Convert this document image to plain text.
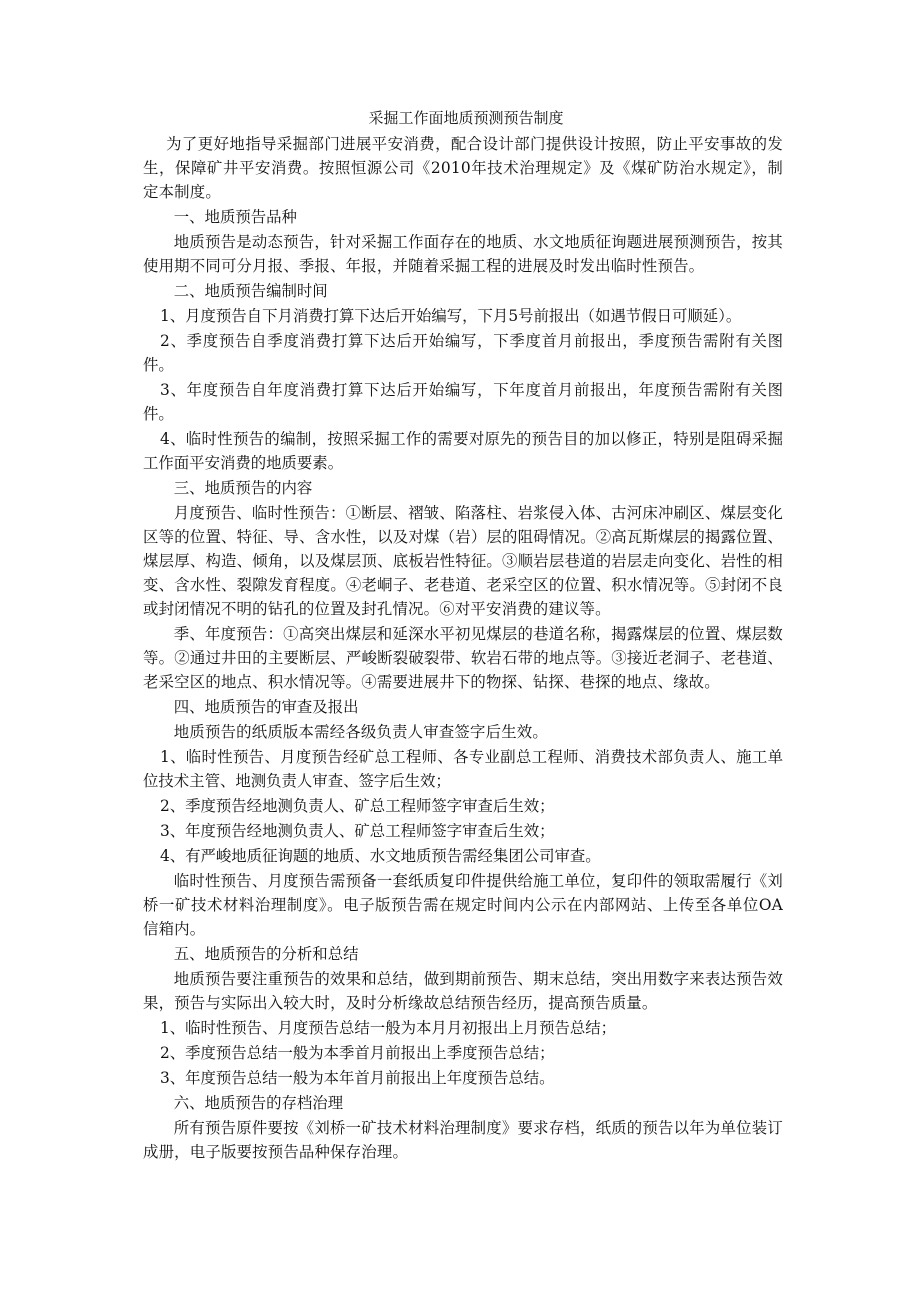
采掘工作面地质预测预告制度

为了更好地指导采掘部门进展平安消费，配合设计部门提供设计按照，防止平安事故的发生，保障矿井平安消费。按照恒源公司《2010年技术治理规定》及《煤矿防治水规定》，制定本制度。

一、地质预告品种

地质预告是动态预告，针对采掘工作面存在的地质、水文地质征询题进展预测预告，按其使用期不同可分月报、季报、年报，并随着采掘工程的进展及时发出临时性预告。

二、地质预告编制时间

1、月度预告自下月消费打算下达后开始编写，下月5号前报出（如遇节假日可顺延）。

2、季度预告自季度消费打算下达后开始编写，下季度首月前报出，季度预告需附有关图件。

3、年度预告自年度消费打算下达后开始编写，下年度首月前报出，年度预告需附有关图件。

4、临时性预告的编制，按照采掘工作的需要对原先的预告目的加以修正，特别是阻碍采掘工作面平安消费的地质要素。

三、地质预告的内容

月度预告、临时性预告：①断层、褶皱、陷落柱、岩浆侵入体、古河床冲刷区、煤层变化区等的位置、特征、导、含水性，以及对煤（岩）层的阻碍情况。②高瓦斯煤层的揭露位置、煤层厚、构造、倾角，以及煤层顶、底板岩性特征。③顺岩层巷道的岩层走向变化、岩性的相变、含水性、裂隙发育程度。④老峒子、老巷道、老采空区的位置、积水情况等。⑤封闭不良或封闭情况不明的钻孔的位置及封孔情况。⑥对平安消费的建议等。

季、年度预告：①高突出煤层和延深水平初见煤层的巷道名称，揭露煤层的位置、煤层数等。②通过井田的主要断层、严峻断裂破裂带、软岩石带的地点等。③接近老洞子、老巷道、老采空区的地点、积水情况等。④需要进展井下的物探、钻探、巷探的地点、缘故。

四、地质预告的审查及报出

地质预告的纸质版本需经各级负责人审查签字后生效。

1、临时性预告、月度预告经矿总工程师、各专业副总工程师、消费技术部负责人、施工单位技术主管、地测负责人审查、签字后生效；

2、季度预告经地测负责人、矿总工程师签字审查后生效；

3、年度预告经地测负责人、矿总工程师签字审查后生效；

4、有严峻地质征询题的地质、水文地质预告需经集团公司审查。

临时性预告、月度预告需预备一套纸质复印件提供给施工单位，复印件的领取需履行《刘桥一矿技术材料治理制度》。电子版预告需在规定时间内公示在内部网站、上传至各单位OA信箱内。

五、地质预告的分析和总结

地质预告要注重预告的效果和总结，做到期前预告、期末总结，突出用数字来表达预告效果，预告与实际出入较大时，及时分析缘故总结预告经历，提高预告质量。

1、临时性预告、月度预告总结一般为本月月初报出上月预告总结；

2、季度预告总结一般为本季首月前报出上季度预告总结；

3、年度预告总结一般为本年首月前报出上年度预告总结。

六、地质预告的存档治理

所有预告原件要按《刘桥一矿技术材料治理制度》要求存档，纸质的预告以年为单位装订成册，电子版要按预告品种保存治理。
